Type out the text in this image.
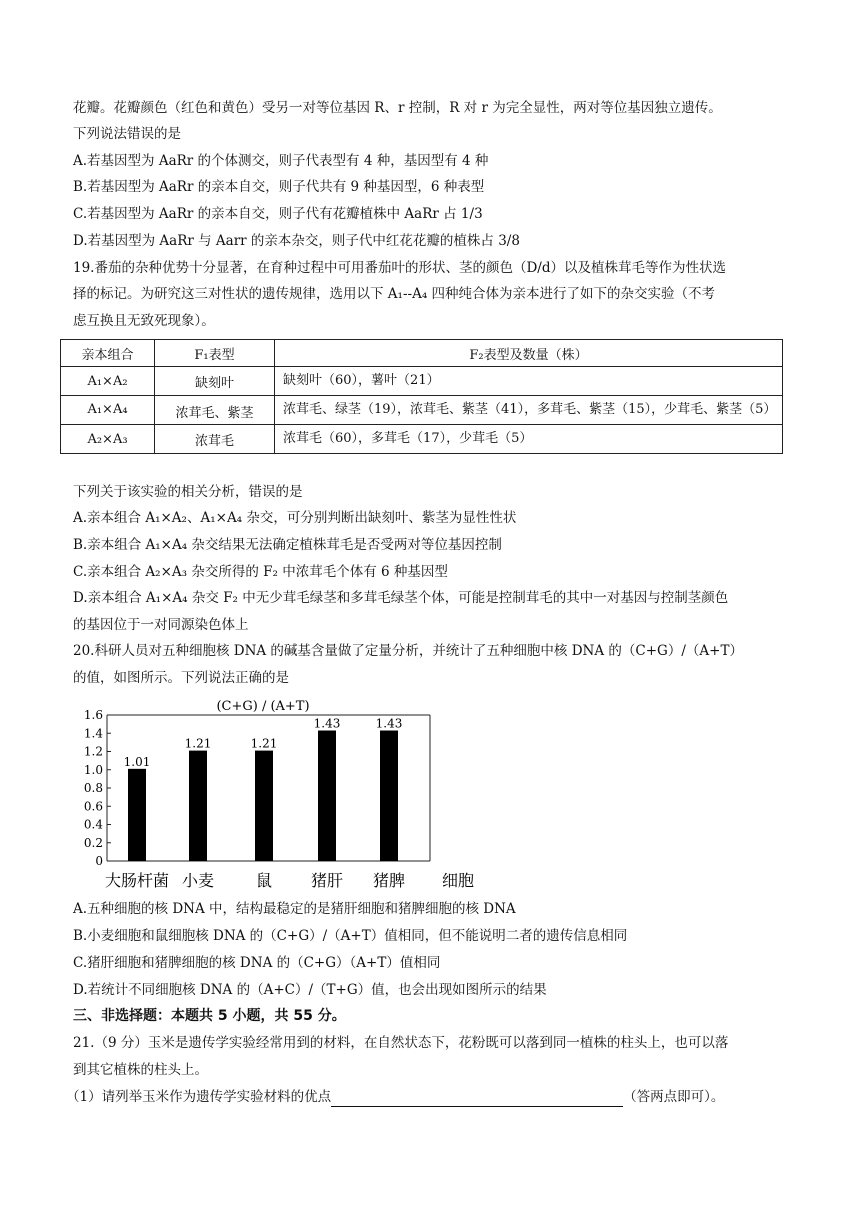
花瓣。花瓣颜色（红色和黄色）受另一对等位基因 R、r 控制，R 对 r 为完全显性，两对等位基因独立遗传。
下列说法错误的是
A.若基因型为 AaRr 的个体测交，则子代表型有 4 种，基因型有 4 种
B.若基因型为 AaRr 的亲本自交，则子代共有 9 种基因型，6 种表型
C.若基因型为 AaRr 的亲本自交，则子代有花瓣植株中 AaRr 占 1/3
D.若基因型为 AaRr 与 Aarr 的亲本杂交，则子代中红花花瓣的植株占 3/8
19.番茄的杂种优势十分显著，在育种过程中可用番茄叶的形状、茎的颜色（D/d）以及植株茸毛等作为性状选
择的标记。为研究这三对性状的遗传规律，选用以下 A₁--A₄ 四种纯合体为亲本进行了如下的杂交实验（不考
虑互换且无致死现象）。
亲本组合	F₁表型	F₂表型及数量（株）
A₁×A₂	缺刻叶	缺刻叶（60），薯叶（21）
A₁×A₄	浓茸毛、紫茎	浓茸毛、绿茎（19），浓茸毛、紫茎（41），多茸毛、紫茎（15），少茸毛、紫茎（5）
A₂×A₃	浓茸毛	浓茸毛（60），多茸毛（17），少茸毛（5）
下列关于该实验的相关分析，错误的是
A.亲本组合 A₁×A₂、A₁×A₄ 杂交，可分别判断出缺刻叶、紫茎为显性性状
B.亲本组合 A₁×A₄ 杂交结果无法确定植株茸毛是否受两对等位基因控制
C.亲本组合 A₂×A₃ 杂交所得的 F₂ 中浓茸毛个体有 6 种基因型
D.亲本组合 A₁×A₄ 杂交 F₂ 中无少茸毛绿茎和多茸毛绿茎个体，可能是控制茸毛的其中一对基因与控制茎颜色
的基因位于一对同源染色体上
20.科研人员对五种细胞核 DNA 的碱基含量做了定量分析，并统计了五种细胞中核 DNA 的（C+G）/（A+T）
的值，如图所示。下列说法正确的是
(C+G) / (A+T)
0
0.2
0.4
0.6
0.8
1.0
1.2
1.4
1.6
1.01
1.21	1.21
1.43	1.43
大肠杆菌 小麦	鼠 猪肝 猪脾 细胞
A.五种细胞的核 DNA 中，结构最稳定的是猪肝细胞和猪脾细胞的核 DNA
B.小麦细胞和鼠细胞核 DNA 的（C+G）/（A+T）值相同，但不能说明二者的遗传信息相同
C.猪肝细胞和猪脾细胞的核 DNA 的（C+G）（A+T）值相同
D.若统计不同细胞核 DNA 的（A+C）/（T+G）值，也会出现如图所示的结果
三、非选择题：本题共 5 小题，共 55 分。
21.（9 分）玉米是遗传学实验经常用到的材料，在自然状态下，花粉既可以落到同一植株的柱头上，也可以落
到其它植株的柱头上。
（1）请列举玉米作为遗传学实验材料的优点	（答两点即可）。
